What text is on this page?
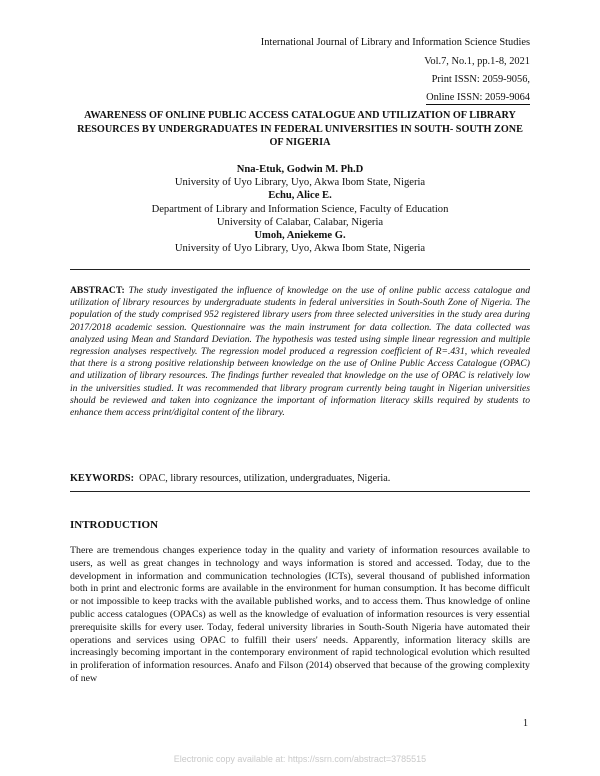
International Journal of Library and Information Science Studies
Vol.7, No.1, pp.1-8, 2021
Print ISSN: 2059-9056,
Online ISSN: 2059-9064
AWARENESS OF ONLINE PUBLIC ACCESS CATALOGUE AND UTILIZATION OF LIBRARY RESOURCES BY UNDERGRADUATES IN FEDERAL UNIVERSITIES IN SOUTH- SOUTH ZONE OF NIGERIA
Nna-Etuk, Godwin M. Ph.D
University of Uyo Library, Uyo, Akwa Ibom State, Nigeria
Echu, Alice E.
Department of Library and Information Science, Faculty of Education
University of Calabar, Calabar, Nigeria
Umoh, Aniekeme G.
University of Uyo Library, Uyo, Akwa Ibom State, Nigeria
ABSTRACT: The study investigated the influence of knowledge on the use of online public access catalogue and utilization of library resources by undergraduate students in federal universities in South-South Zone of Nigeria. The population of the study comprised 952 registered library users from three selected universities in the study area during 2017/2018 academic session. Questionnaire was the main instrument for data collection. The data collected was analyzed using Mean and Standard Deviation. The hypothesis was tested using simple linear regression and multiple regression analyses respectively. The regression model produced a regression coefficient of R=.431, which revealed that there is a strong positive relationship between knowledge on the use of Online Public Access Catalogue (OPAC) and utilization of library resources. The findings further revealed that knowledge on the use of OPAC is relatively low in the universities studied. It was recommended that library program currently being taught in Nigerian universities should be reviewed and taken into cognizance the important of information literacy skills required by students to enhance them access print/digital content of the library.
KEYWORDS: OPAC, library resources, utilization, undergraduates, Nigeria.
INTRODUCTION
There are tremendous changes experience today in the quality and variety of information resources available to users, as well as great changes in technology and ways information is stored and accessed. Today, due to the development in information and communication technologies (ICTs), several thousand of published information both in print and electronic forms are available in the environment for human consumption. It has become difficult or not impossible to keep tracks with the available published works, and to access them. Thus knowledge of online public access catalogues (OPACs) as well as the knowledge of evaluation of information resources is very essential prerequisite skills for every user. Today, federal university libraries in South-South Nigeria have automated their operations and services using OPAC to fulfill their users' needs. Apparently, information literacy skills are increasingly becoming important in the contemporary environment of rapid technological evolution which resulted in proliferation of information resources. Anafo and Filson (2014) observed that because of the growing complexity of new
1
Electronic copy available at: https://ssrn.com/abstract=3785515
